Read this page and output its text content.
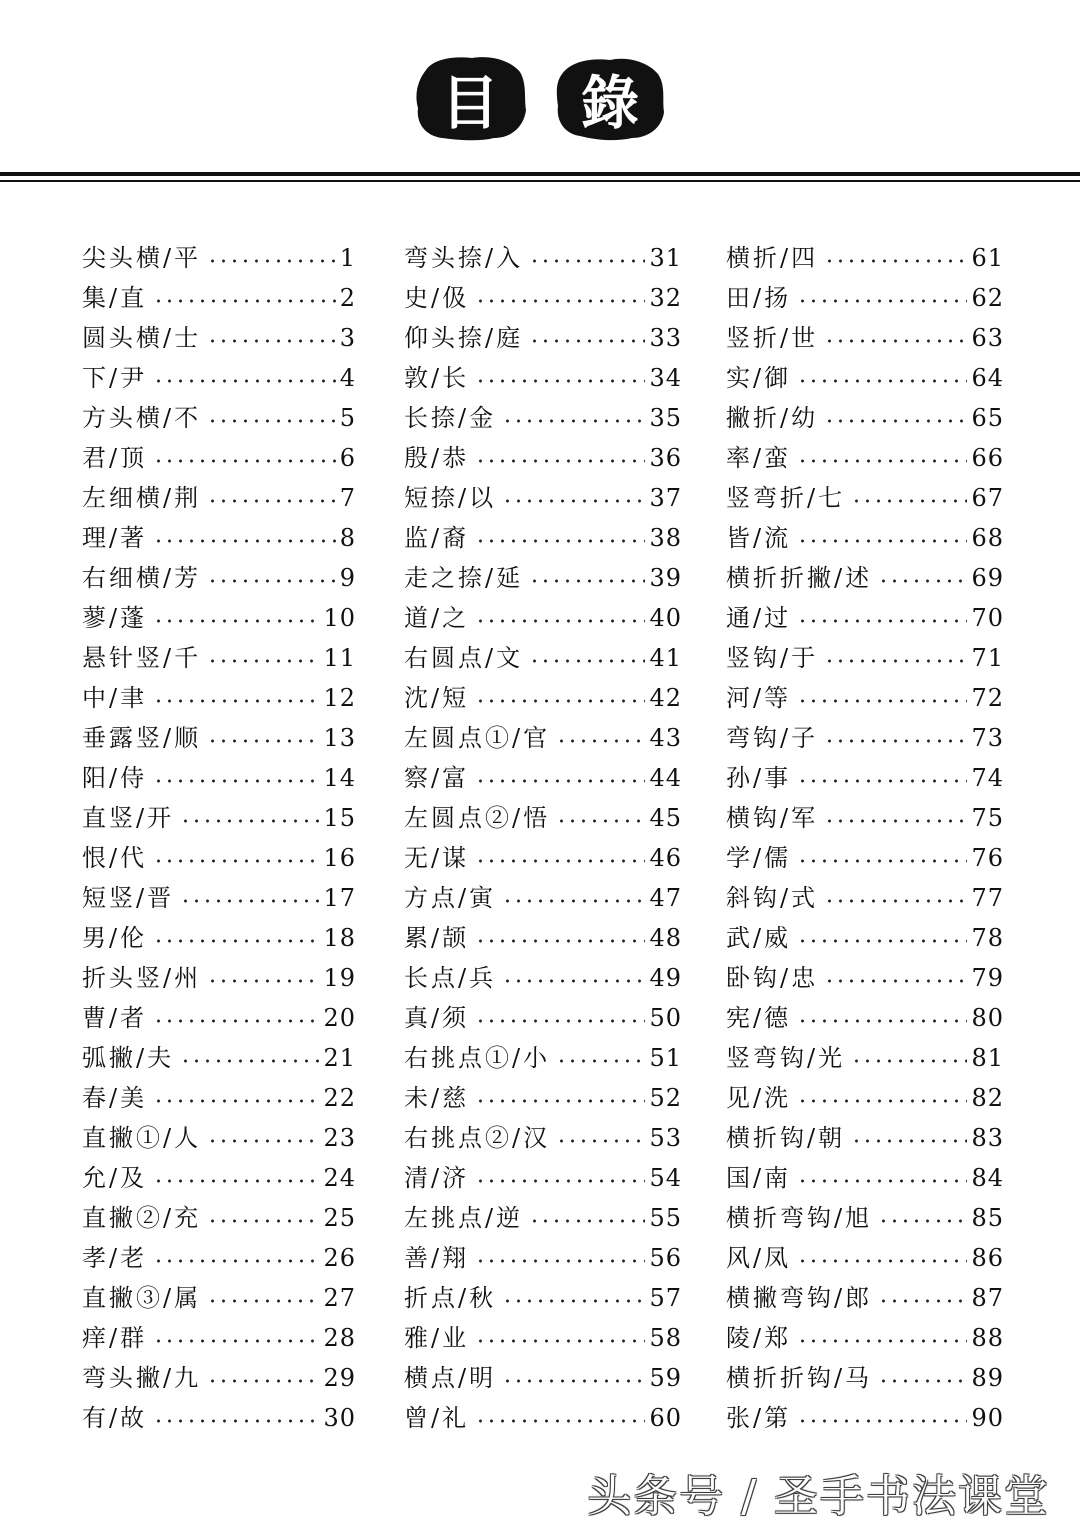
目 錄
尖头横/平	1
集/直	2
圆头横/士	3
下/尹	4
方头横/不	5
君/顶	6
左细横/荆	7
理/著	8
右细横/芳	9
蓼/蓬	10
悬针竖/千	11
中/聿	12
垂露竖/顺	13
阳/侍	14
直竖/开	15
恨/代	16
短竖/晋	17
男/伦	18
折头竖/州	19
曹/者	20
弧撇/夫	21
春/美	22
直撇①/人	23
允/及	24
直撇②/充	25
孝/老	26
直撇③/属	27
痒/群	28
弯头撇/九	29
有/故	30
弯头捺/入	31
史/伋	32
仰头捺/庭	33
敦/长	34
长捺/金	35
殷/恭	36
短捺/以	37
监/裔	38
走之捺/延	39
道/之	40
右圆点/文	41
沈/短	42
左圆点①/官	43
察/富	44
左圆点②/悟	45
无/谋	46
方点/寅	47
累/颉	48
长点/兵	49
真/须	50
右挑点①/小	51
未/慈	52
右挑点②/汉	53
清/济	54
左挑点/逆	55
善/翔	56
折点/秋	57
雅/业	58
横点/明	59
曾/礼	60
横折/四	61
田/扬	62
竖折/世	63
实/御	64
撇折/幼	65
率/蛮	66
竖弯折/七	67
皆/流	68
横折折撇/述	69
通/过	70
竖钩/于	71
河/等	72
弯钩/子	73
孙/事	74
横钩/军	75
学/儒	76
斜钩/式	77
武/威	78
卧钩/忠	79
宪/德	80
竖弯钩/光	81
见/洗	82
横折钩/朝	83
国/南	84
横折弯钩/旭	85
风/凤	86
横撇弯钩/郎	87
陵/郑	88
横折折钩/马	89
张/第	90
头条号 / 圣手书法课堂
